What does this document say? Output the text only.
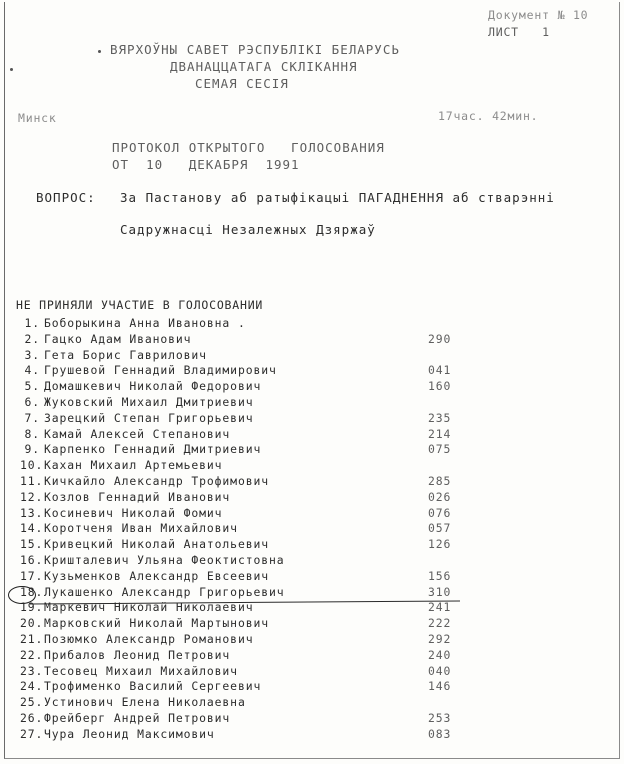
Документ № 10
ЛИСТ   1
ВЯРХОЎНЫ САВЕТ РЭСПУБЛІКІ БЕЛАРУСЬ
ДВАНАЦЦАТАГА СКЛІКАННЯ
СЕМАЯ СЕСІЯ
Минск	17час. 42мин.
ПРОТОКОЛ ОТКРЫТОГО   ГОЛОСОВАНИЯ
ОТ  10   ДЕКАБРЯ  1991
ВОПРОС: За Пастанову аб ратыфікацыі ПАГАДНЕННЯ аб стварэнні
Садружнасці Незалежных Дзяржаў
НЕ ПРИНЯЛИ УЧАСТИЕ В ГОЛОСОВАНИИ
1. Боборыкина Анна Ивановна .
2. Гацко Адам Иванович	290
3. Гета Борис Гаврилович
4. Грушевой Геннадий Владимирович	041
5. Домашкевич Николай Федорович	160
6. Жуковский Михаил Дмитриевич
7. Зарецкий Степан Григорьевич	235
8. Камай Алексей Степанович	214
9. Карпенко Геннадий Дмитриевич	075
10. Кахан Михаил Артемьевич
11. Кичкайло Александр Трофимович	285
12. Козлов Геннадий Иванович	026
13. Косиневич Николай Фомич	076
14. Коротченя Иван Михайлович	057
15. Кривецкий Николай Анатольевич	126
16. Кришталевич Ульяна Феоктистовна
17. Кузьменков Александр Евсеевич	156
18. Лукашенко Александр Григорьевич	310
19. Маркевич Николай Николаевич	241
20. Марковский Николай Мартынович	222
21. Позюмко Александр Романович	292
22. Прибалов Леонид Петрович	240
23. Тесовец Михаил Михайлович	040
24. Трофименко Василий Сергеевич	146
25. Устинович Елена Николаевна
26. Фрейберг Андрей Петрович	253
27. Чура Леонид Максимович	083
